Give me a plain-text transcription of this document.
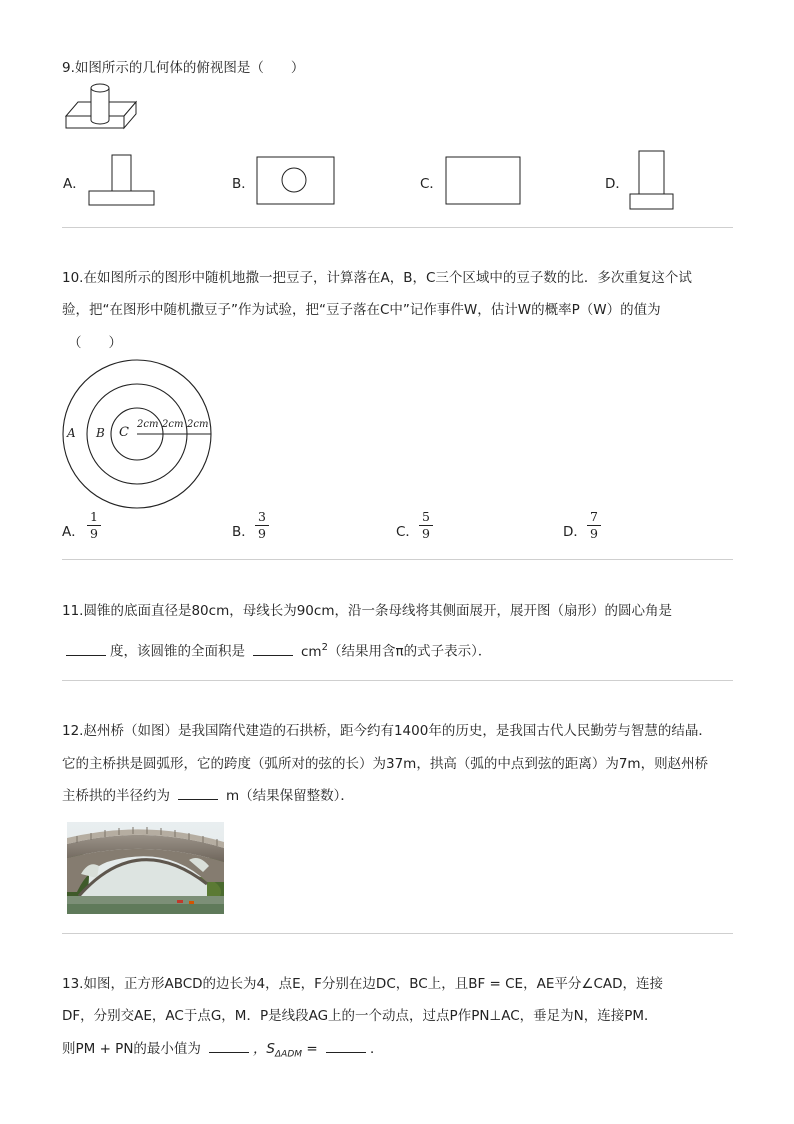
9.如图所示的几何体的俯视图是（　　）
A．	B．	C．	D．
10.在如图所示的图形中随机地撒一把豆子，计算落在A，B，C三个区域中的豆子数的比．多次重复这个试
验，把“在图形中随机撒豆子”作为试验，把“豆子落在C中”记作事件W，估计W的概率P（W）的值为
（　　）
A B C
2cm 2cm 2cm
A．
1
9	B．
3
9	C．
5
9	D．
7
9
11.圆锥的底面直径是80cm，母线长为90cm，沿一条母线将其侧面展开，展开图（扇形）的圆心角是
度，该圆锥的全面积是	$cm^2$（结果用含π的式子表示）．
12.赵州桥（如图）是我国隋代建造的石拱桥，距今约有1400年的历史，是我国古代人民勤劳与智慧的结晶．
它的主桥拱是圆弧形，它的跨度（弧所对的弦的长）为37m，拱高（弧的中点到弦的距离）为7m，则赵州桥
主桥拱的半径约为	m（结果保留整数）．
13.如图，正方形ABCD的边长为4，点E，F分别在边DC，BC上，且BF = CE，AE平分∠CAD，连接
DF，分别交AE，AC于点G，M．P是线段AG上的一个动点，过点P作PN⊥AC，垂足为N，连接PM．
则PM + PN的最小值为	，$S_{\Delta ADM}$ =	．
